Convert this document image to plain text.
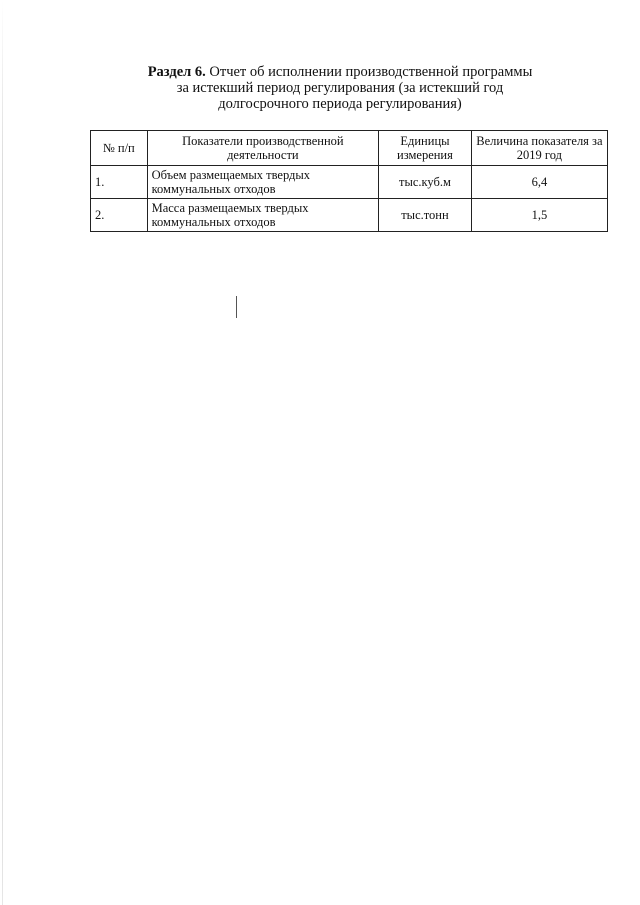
Раздел 6. Отчет об исполнении производственной программы
за истекший период регулирования (за истекший год
долгосрочного периода регулирования)
№ п/п	Показатели производственной деятельности	Единицы измерения	Величина показателя за 2019 год
1.	Объем размещаемых твердых коммунальных отходов	тыс.куб.м	6,4
2.	Масса размещаемых твердых коммунальных отходов	тыс.тонн	1,5
